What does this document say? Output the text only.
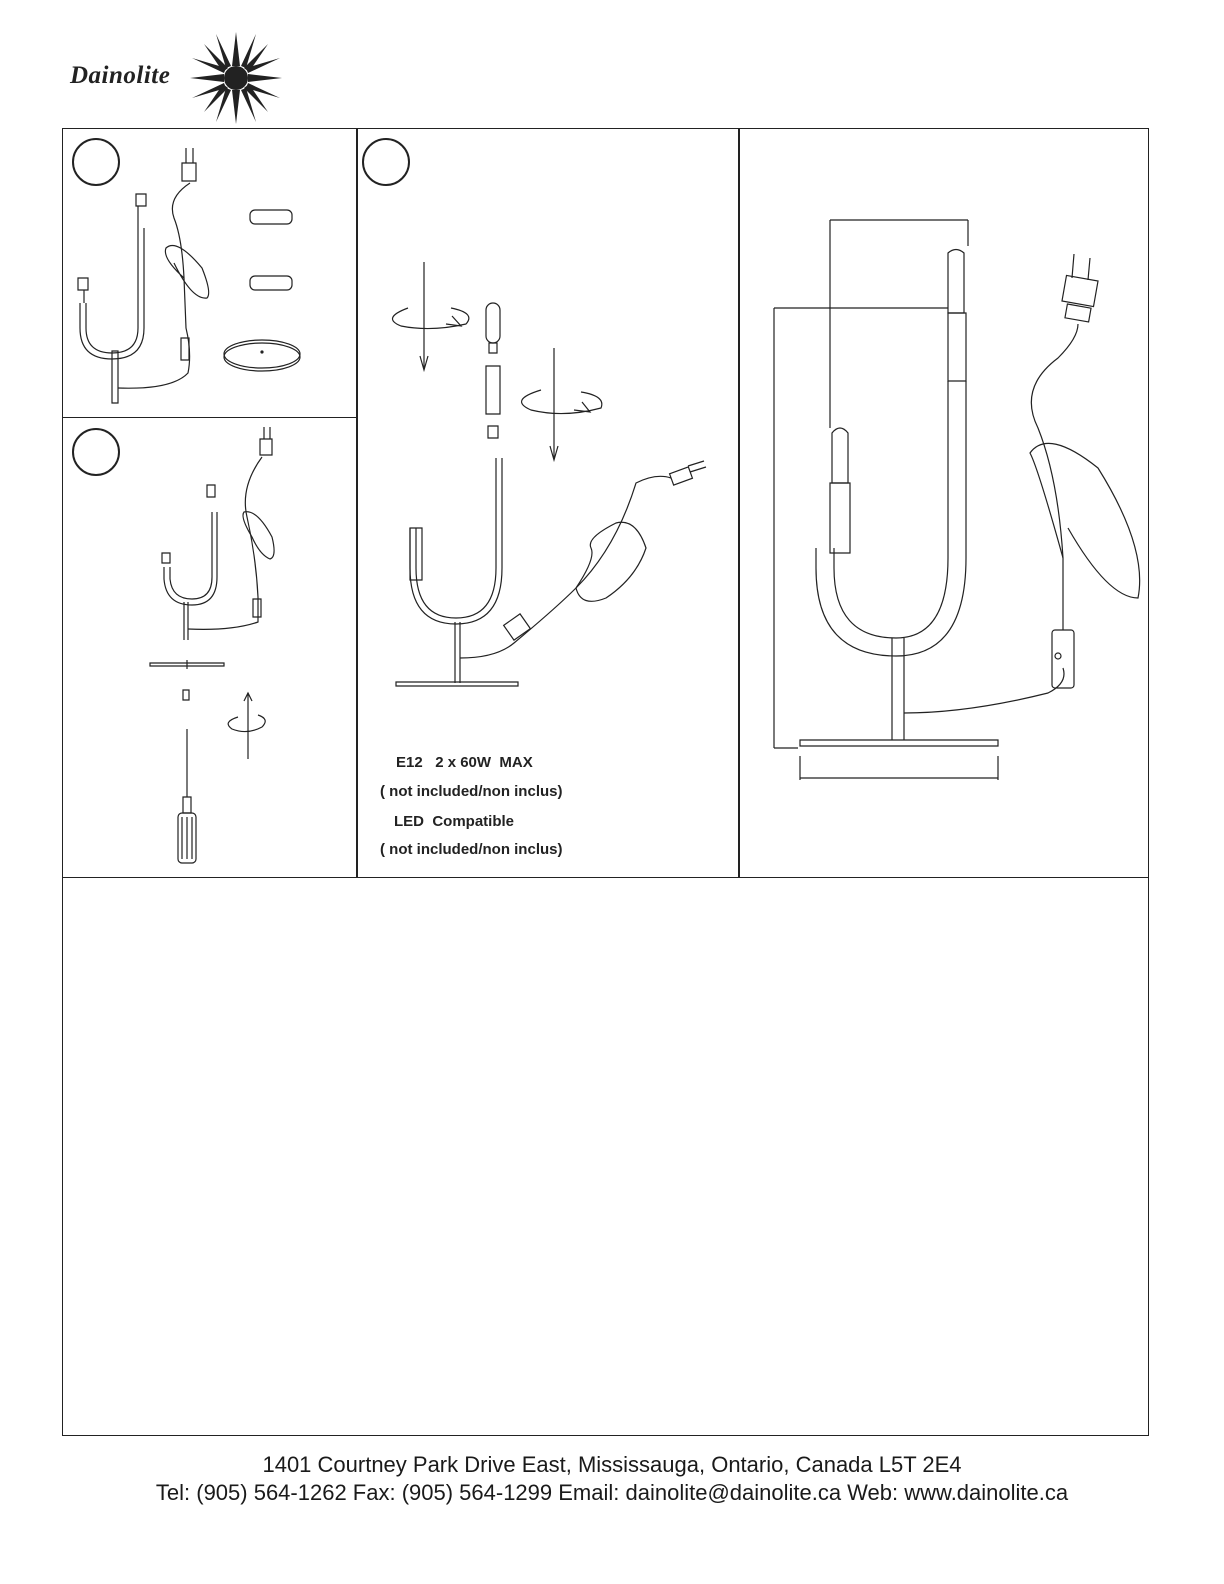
Dainolite
E12   2 x 60W  MAX
( not included/non inclus)
LED  Compatible
( not included/non inclus)
1401 Courtney Park Drive East, Mississauga, Ontario, Canada L5T 2E4
Tel: (905) 564-1262 Fax: (905) 564-1299 Email: dainolite@dainolite.ca Web: www.dainolite.ca
